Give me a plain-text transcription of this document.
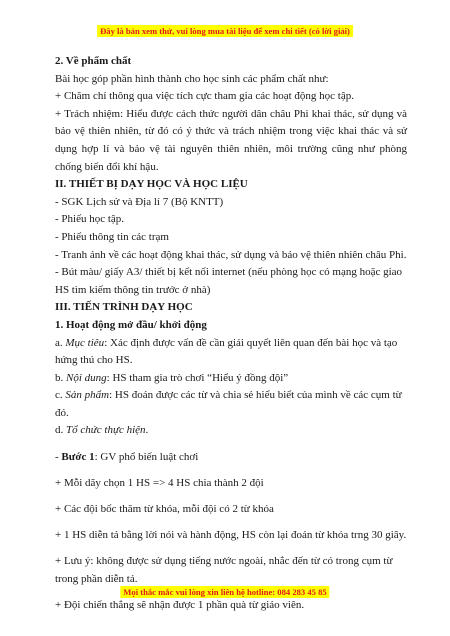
Đây là bản xem thử, vui lòng mua tài liệu để xem chi tiết (có lời giải)

2. Về phẩm chất

Bài học góp phần hình thành cho học sinh các phẩm chất như:

+ Chăm chỉ thông qua việc tích cực tham gia các hoạt động học tập.

+ Trách nhiệm: Hiểu được cách thức người dân châu Phi khai thác, sử dụng và bảo vệ thiên nhiên, từ đó có ý thức và trách nhiệm trong việc khai thác và sử dụng hợp lí và bảo vệ tài nguyên thiên nhiên, môi trường cũng như phòng chống biến đổi khí hậu.

II. THIẾT BỊ DẠY HỌC VÀ HỌC LIỆU

- SGK Lịch sử và Địa lí 7 (Bộ KNTT)

- Phiếu học tập.

- Phiếu thông tin các trạm

- Tranh ảnh về các hoạt động khai thác, sử dụng và bảo vệ thiên nhiên châu Phi.

- Bút màu/ giấy A3/ thiết bị kết nối internet (nếu phòng học có mạng hoặc giao HS tìm kiếm thông tin trước ở nhà)

III. TIẾN TRÌNH DẠY HỌC

1. Hoạt động mở đầu/ khởi động

a. Mục tiêu: Xác định được vấn đề cần giải quyết liên quan đến bài học và tạo hứng thú cho HS.

b. Nội dung: HS tham gia trò chơi “Hiểu ý đồng đội”

c. Sản phẩm: HS đoán được các từ và chia sẻ hiểu biết của mình về các cụm từ đó.

d. Tổ chức thực hiện.

- Bước 1: GV phổ biến luật chơi

+ Mỗi dãy chọn 1 HS => 4 HS chia thành 2 đội

+ Các đội bốc thăm từ khóa, mỗi đội có 2 từ khóa

+ 1 HS diễn tả bằng lời nói và hành động, HS còn lại đoán từ khóa trng 30 giây.

+ Lưu ý: không được sử dụng tiếng nước ngoài, nhắc đến từ có trong cụm từ trong phần diễn tả.

+ Đội chiến thắng sẽ nhận được 1 phần quà từ giáo viên.

Mọi thắc mắc vui lòng xin liên hệ hotline: 084 283 45 85
